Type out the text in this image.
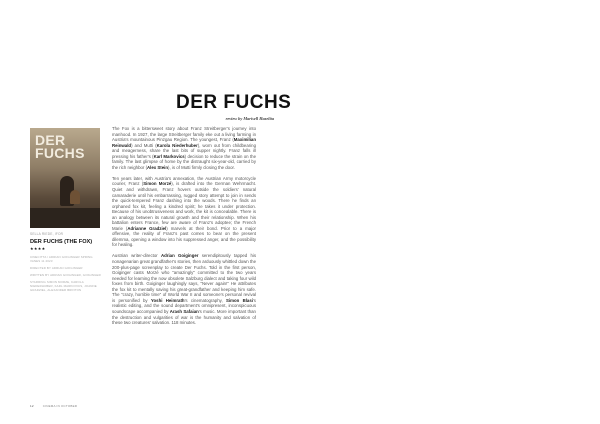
DER FUCHS
review by Marisell Hazelita
DER
FUCHS
SELLA RIEDE, IFOR
DER FUCHS (THE FOX)
★★★★
CINECITTA / ADRIAN GOIGINGER SPRING VANES 11 2023
DIRECTED BY ADRIAN GOIGINGER
WRITTEN BY ADRIAN GOIGINGER, GOIGINGER
STARRING SIMON MORZE, KAROLA NIEDERHUBER, KARL MARKOVICS, JOANNE GRADZIEL, ALEXANDER BRINTON

The Fox is a bittersweet story about Franz Streitberger's journey into manhood. In 1927, the large Streitberger family eke out a living farming in Austria's mountainous Pinzgau Region. The youngest, Franz (Maximilian Reinwald) and Mutti (Karola Niederhuber), worn out from childbearing and meagerness, share the last bits of supper nightly. Franz falls ill pressing his father's (Karl Markovics) decision to reduce the strain on the family. The last glimpse of home by the distraught six-year-old, carried by the rich neighbor (Alex Stein), is of Mutti firmly closing the door.

Ten years later, with Austria's annexation, the Austrian Army motorcycle courier, Franz (Simon Morzé), is drafted into the German Wehrmacht. Quiet and withdrawn, Franz hovers outside the soldiers' natural camaraderie until his embarrassing, rugged story attempt to join in sends the quick-tempered Franz dashing into the woods. There he finds an orphaned fox kit, feeling a kindred spirit; he takes it under protection. Because of his unobtrusiveness and work, the kit is concealable. There is an analogy between its natural growth and their relationship. When his battalion enters France, few are aware of Franz's adoptee; the French Marie (Adrianne Gradziel) marvels at their bond. Prior to a major offensive, the reality of Franz's past comes to bear on the present dilemma, opening a window into his suppressed anger, and the possibility for healing.

Austrian writer-director Adrian Goiginger serendipitously tapped his nonagenarian great grandfather's stories, then arduously whittled down the 200-plus-page screenplay to create Der Fuchs. Told in the first person, Goiginger casts Morzé who "amazingly" committed to the two years needed for learning the now obsolete Salzburg dialect and taking four wild foxes from birth. Goiginger laughingly says, "Never again!" He attributes the fox kit to mentally saving his great-grandfather and keeping him safe. The "crazy, horrible time" of World War II and someone's personal revival is personified by Yoshi Heimrath's cinematography, Simon Blasi's realistic editing, and the sound department's omnipresent, inconspicuous soundscape accompanied by Arash Safaian's music. More important than the destruction and vulgarities of war is the humanity and salvation of these two creatures' salvation. 118 minutes.

12	CINEMA IN OCTOBER
